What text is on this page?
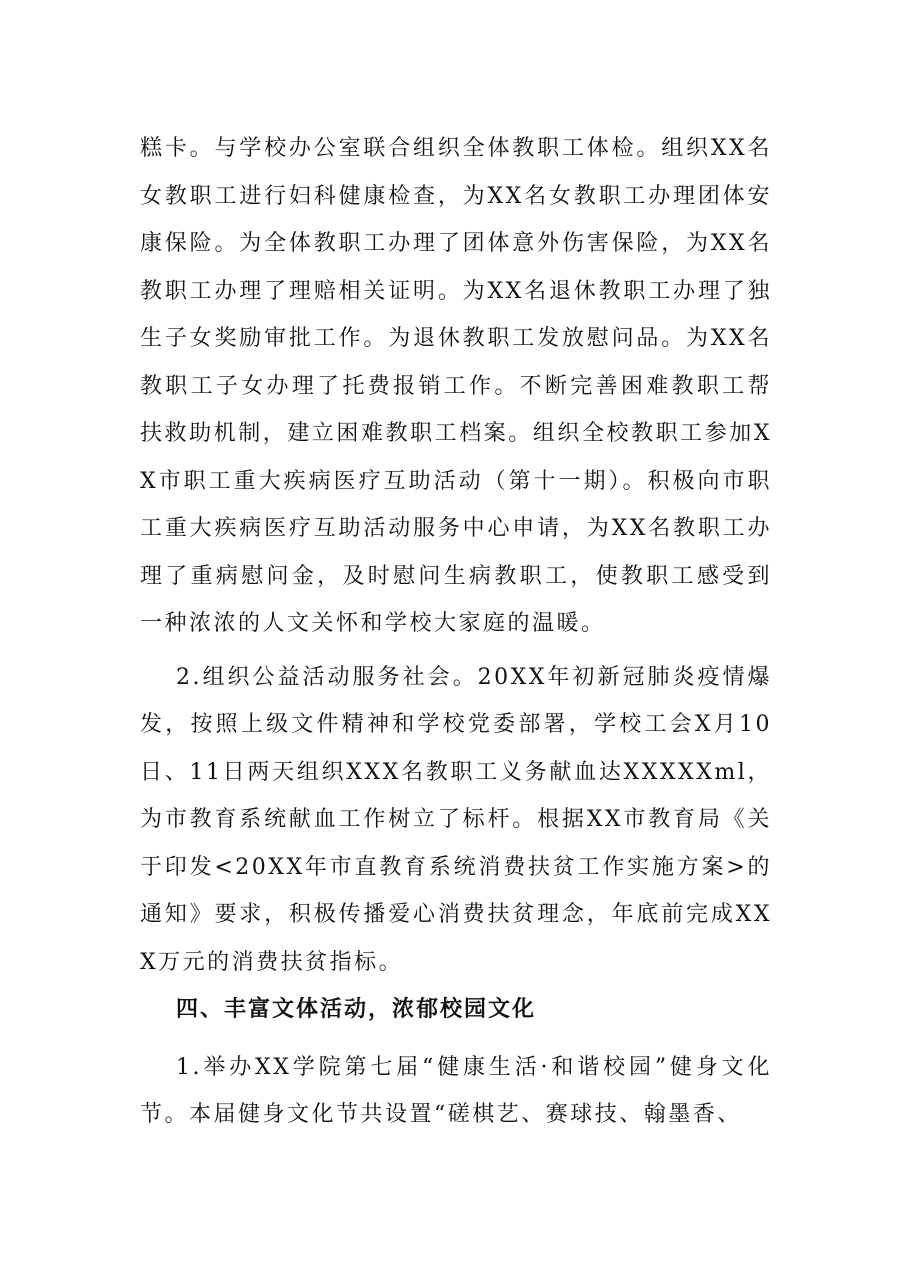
糕卡。与学校办公室联合组织全体教职工体检。组织XX名女教职工进行妇科健康检查，为XX名女教职工办理团体安康保险。为全体教职工办理了团体意外伤害保险，为XX名教职工办理了理赔相关证明。为XX名退休教职工办理了独生子女奖励审批工作。为退休教职工发放慰问品。为XX名教职工子女办理了托费报销工作。不断完善困难教职工帮扶救助机制，建立困难教职工档案。组织全校教职工参加XX市职工重大疾病医疗互助活动（第十一期）。积极向市职工重大疾病医疗互助活动服务中心申请，为XX名教职工办理了重病慰问金，及时慰问生病教职工，使教职工感受到一种浓浓的人文关怀和学校大家庭的温暖。

2.组织公益活动服务社会。20XX年初新冠肺炎疫情爆发，按照上级文件精神和学校党委部署，学校工会X月10日、11日两天组织XXX名教职工义务献血达XXXXXml，为市教育系统献血工作树立了标杆。根据XX市教育局《关于印发<20XX年市直教育系统消费扶贫工作实施方案>的通知》要求，积极传播爱心消费扶贫理念，年底前完成XXX万元的消费扶贫指标。

四、丰富文体活动，浓郁校园文化

1.举办XX学院第七届“健康生活·和谐校园”健身文化节。本届健身文化节共设置“磋棋艺、赛球技、翰墨香、
